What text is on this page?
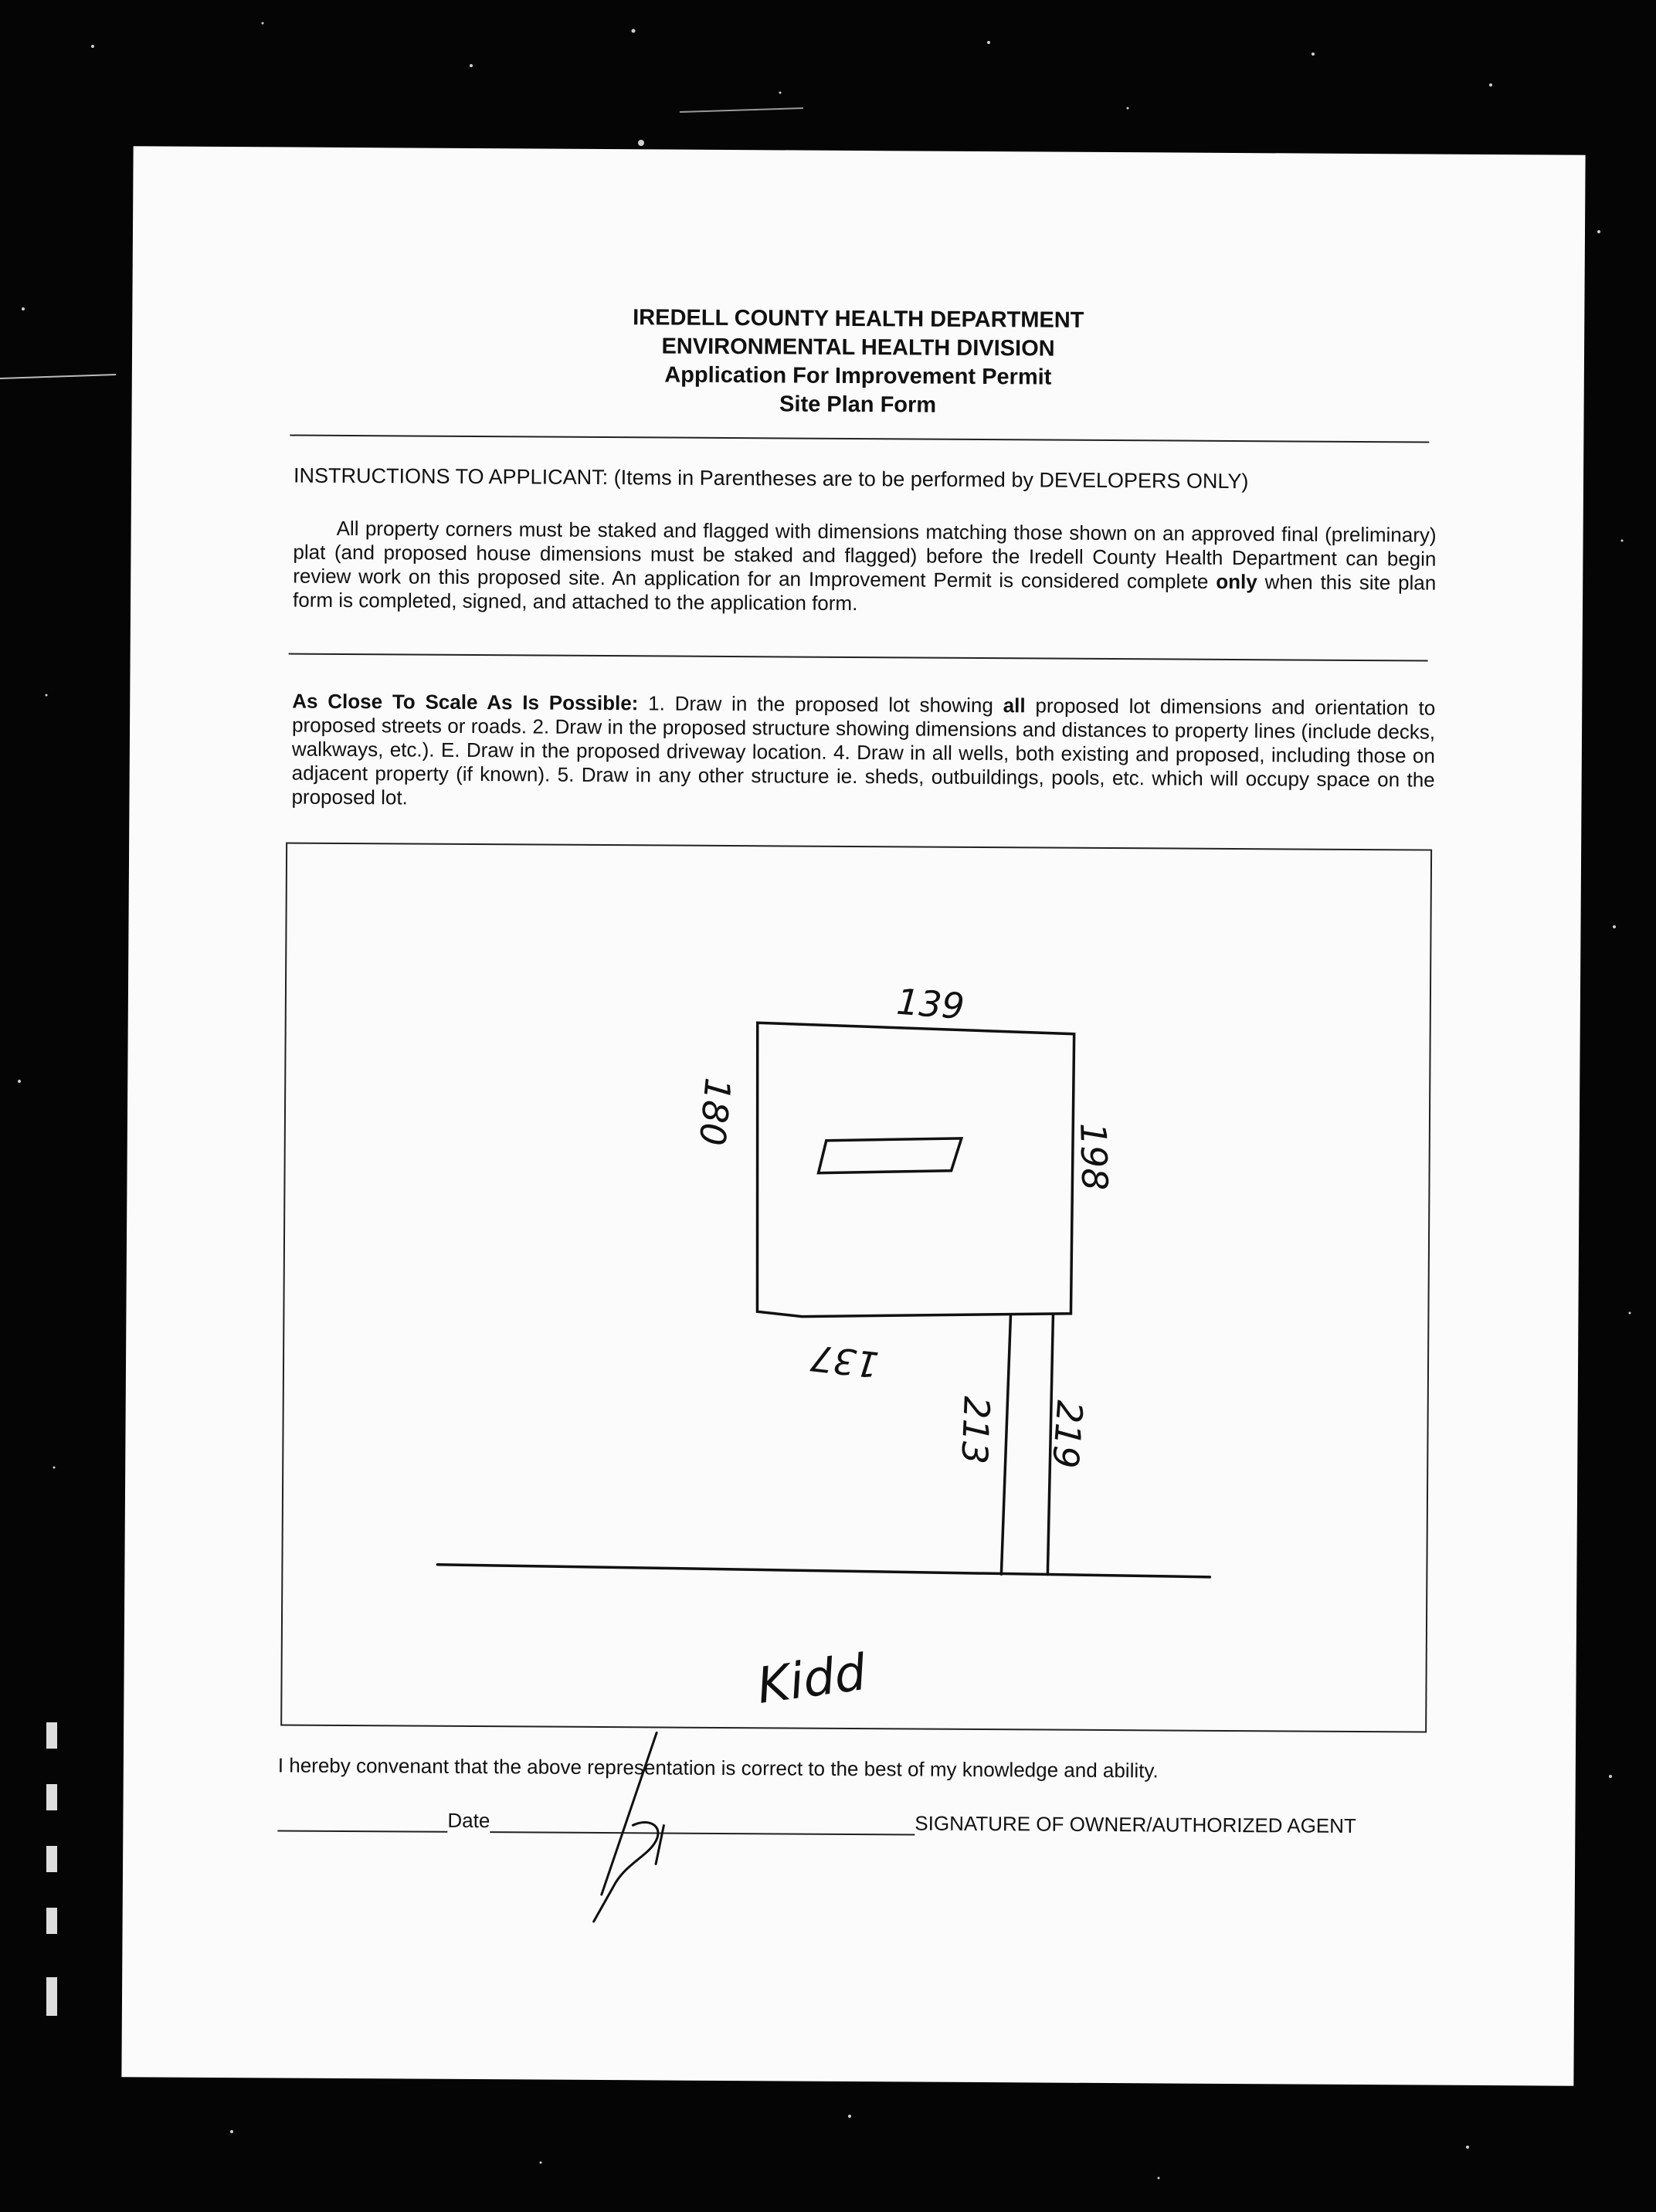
IREDELL COUNTY HEALTH DEPARTMENT
ENVIRONMENTAL HEALTH DIVISION
Application For Improvement Permit
Site Plan Form
INSTRUCTIONS TO APPLICANT: (Items in Parentheses are to be performed by DEVELOPERS ONLY)
All property corners must be staked and flagged with dimensions matching those shown on an approved final (preliminary) plat (and proposed house dimensions must be staked and flagged) before the Iredell County Health Department can begin review work on this proposed site. An application for an Improvement Permit is considered complete only when this site plan form is completed, signed, and attached to the application form.
As Close To Scale As Is Possible: 1. Draw in the proposed lot showing all proposed lot dimensions and orientation to proposed streets or roads. 2. Draw in the proposed structure showing dimensions and distances to property lines (include decks, walkways, etc.). E. Draw in the proposed driveway location. 4. Draw in all wells, both existing and proposed, including those on adjacent property (if known). 5. Draw in any other structure ie. sheds, outbuildings, pools, etc. which will occupy space on the proposed lot.
139
180
198
137
213 219
Kidd
I hereby convenant that the above representation is correct to the best of my knowledge and ability.
Date	SIGNATURE OF OWNER/AUTHORIZED AGENT
